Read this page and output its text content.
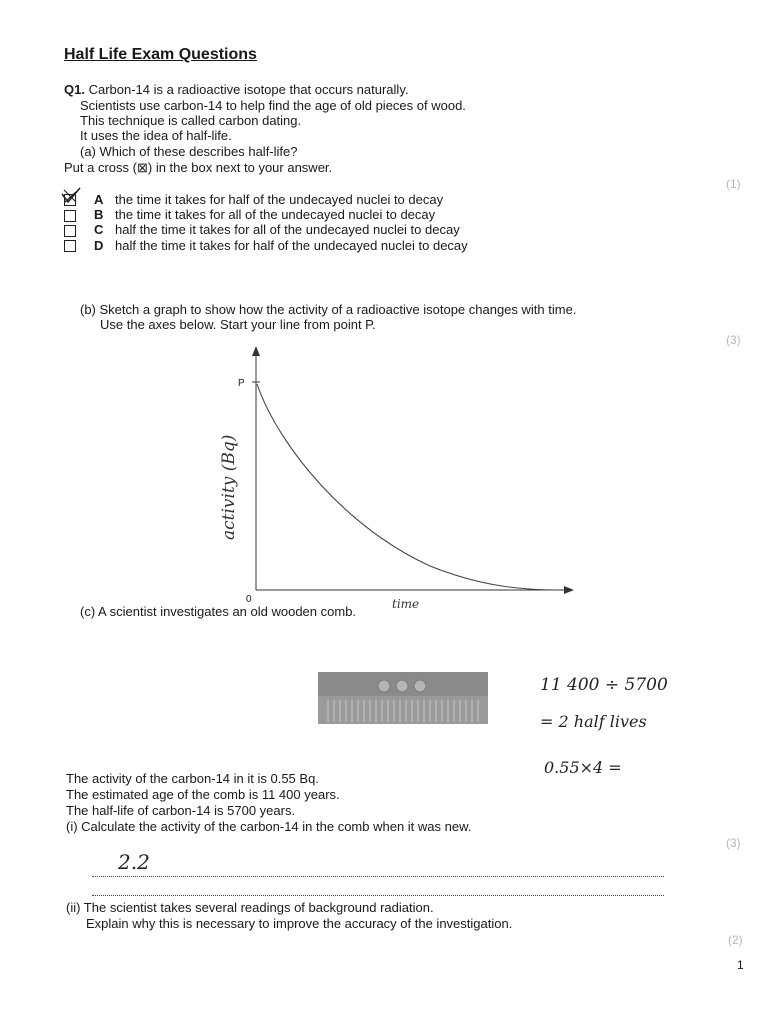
Half Life Exam Questions
Q1. Carbon-14 is a radioactive isotope that occurs naturally.
Scientists use carbon-14 to help find the age of old pieces of wood.
This technique is called carbon dating.
It uses the idea of half-life.
(a) Which of these describes half-life?
Put a cross (⊠) in the box next to your answer.
(1)
A the time it takes for half of the undecayed nuclei to decay
B the time it takes for all of the undecayed nuclei to decay
C half the time it takes for all of the undecayed nuclei to decay
D half the time it takes for half of the undecayed nuclei to decay
(b) Sketch a graph to show how the activity of a radioactive isotope changes with time.
Use the axes below. Start your line from point P.
(3)
P
0
activity (Bq)
time
(c) A scientist investigates an old wooden comb.
11 400 ÷ 5700
= 2 half lives
0.55×4 =
The activity of the carbon-14 in it is 0.55 Bq.
The estimated age of the comb is 11 400 years.
The half-life of carbon-14 is 5700 years.
(i) Calculate the activity of the carbon-14 in the comb when it was new.
(3)
2.2
(ii) The scientist takes several readings of background radiation.
Explain why this is necessary to improve the accuracy of the investigation.
(2)
1
